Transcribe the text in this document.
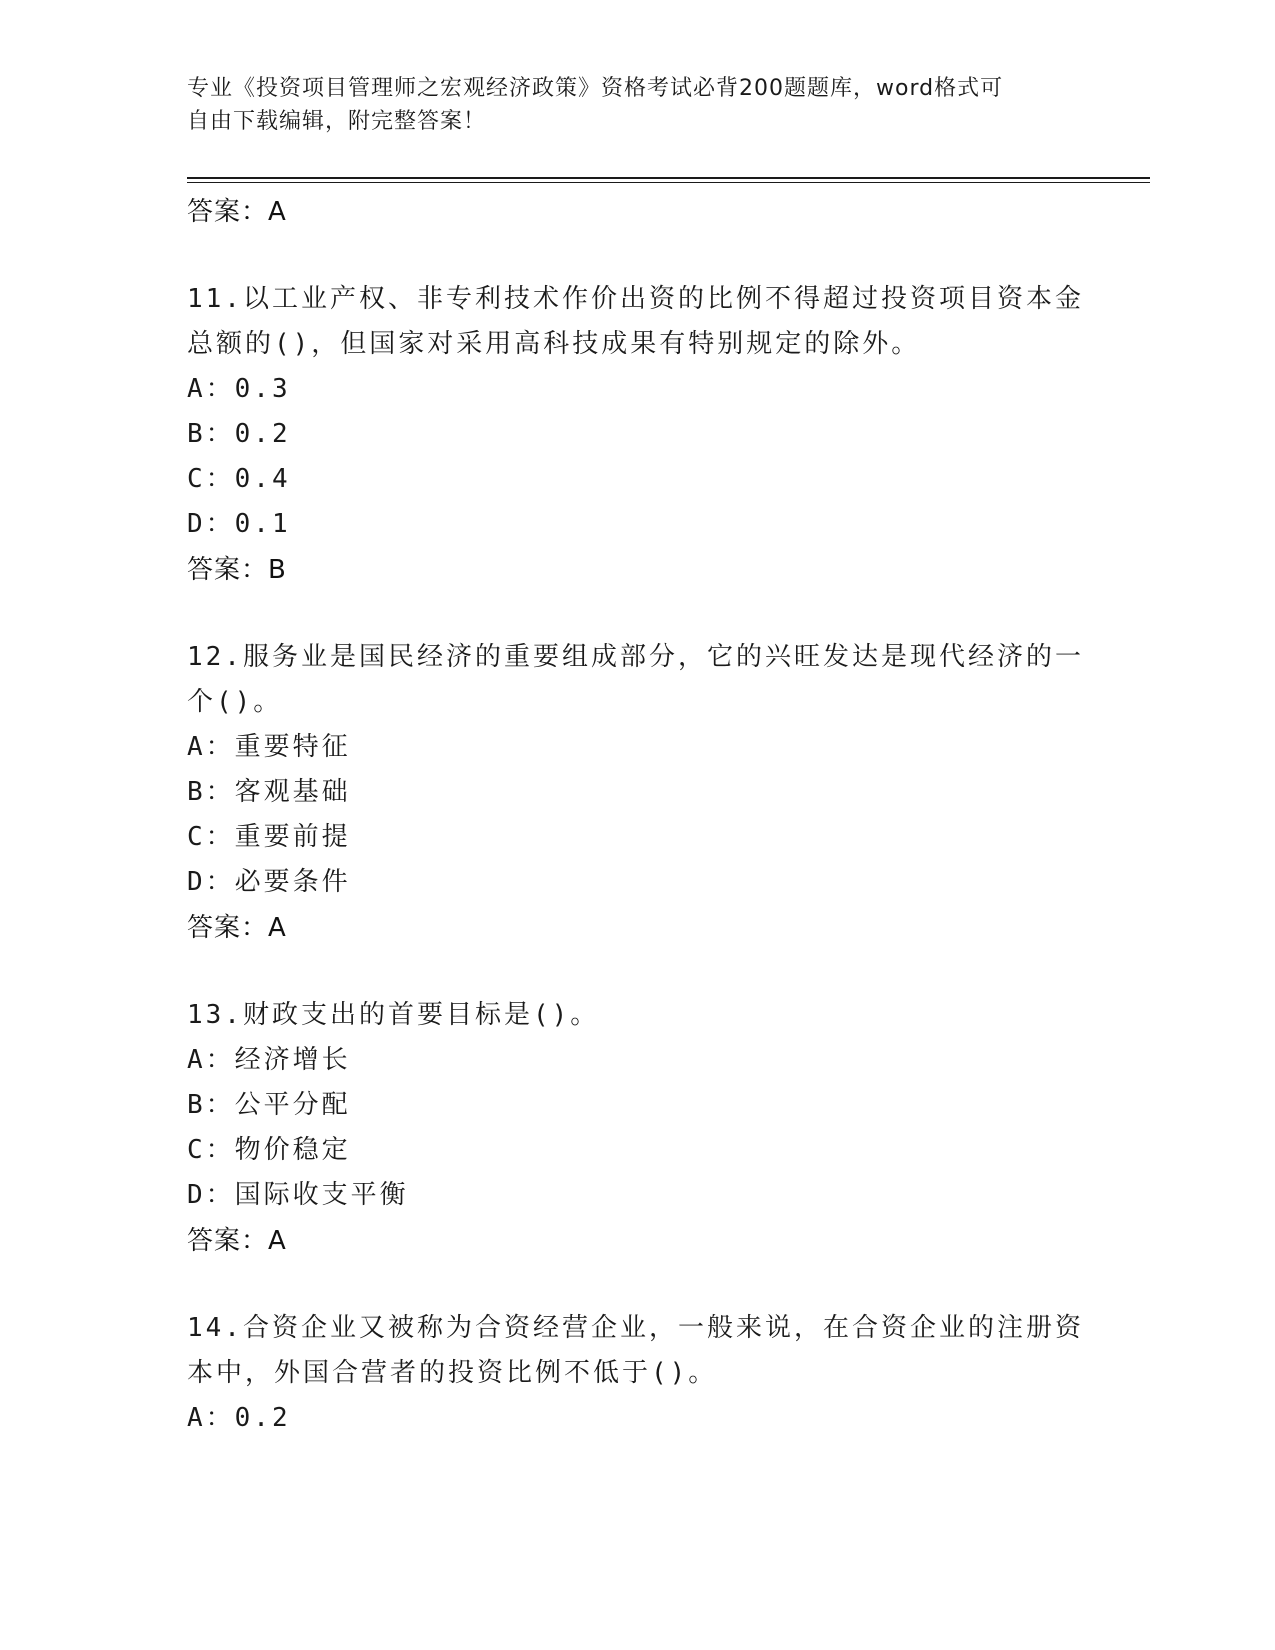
专业《投资项目管理师之宏观经济政策》资格考试必背200题题库，word格式可
自由下载编辑，附完整答案！

答案：A

11.以工业产权、非专利技术作价出资的比例不得超过投资项目资本金

总额的()，但国家对采用高科技成果有特别规定的除外。

A：0.3

B：0.2

C：0.4

D：0.1

答案：B

12.服务业是国民经济的重要组成部分，它的兴旺发达是现代经济的一

个()。

A：重要特征

B：客观基础

C：重要前提

D：必要条件

答案：A

13.财政支出的首要目标是()。

A：经济增长

B：公平分配

C：物价稳定

D：国际收支平衡

答案：A

14.合资企业又被称为合资经营企业，一般来说，在合资企业的注册资

本中，外国合营者的投资比例不低于()。

A：0.2
